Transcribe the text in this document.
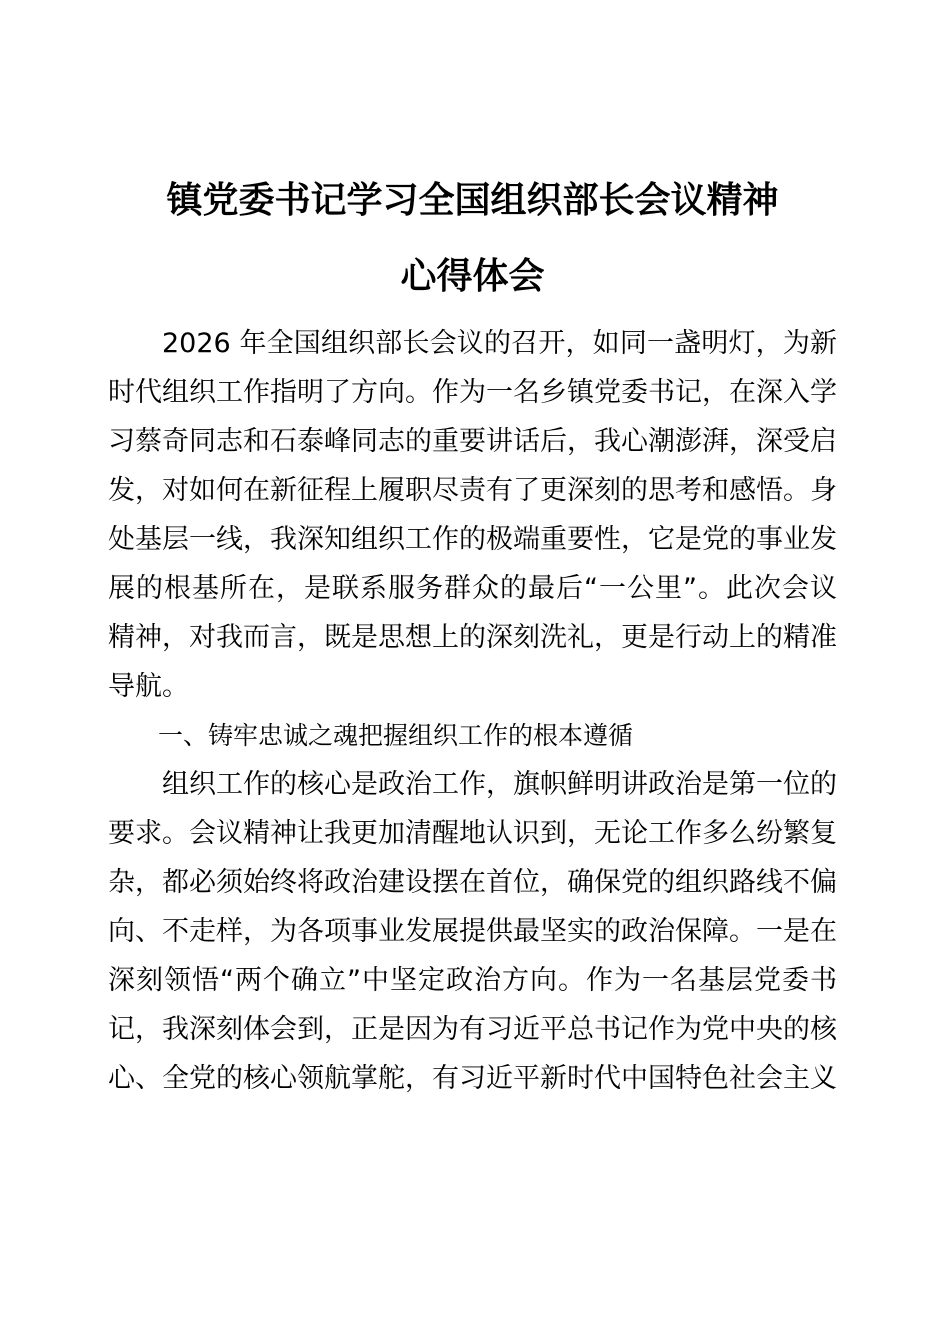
镇党委书记学习全国组织部长会议精神
心得体会

2026 年全国组织部长会议的召开，如同一盏明灯，为新时代组织工作指明了方向。作为一名乡镇党委书记，在深入学习蔡奇同志和石泰峰同志的重要讲话后，我心潮澎湃，深受启发，对如何在新征程上履职尽责有了更深刻的思考和感悟。身处基层一线，我深知组织工作的极端重要性，它是党的事业发展的根基所在，是联系服务群众的最后“一公里”。此次会议精神，对我而言，既是思想上的深刻洗礼，更是行动上的精准导航。

一、铸牢忠诚之魂把握组织工作的根本遵循

组织工作的核心是政治工作，旗帜鲜明讲政治是第一位的要求。会议精神让我更加清醒地认识到，无论工作多么纷繁复杂，都必须始终将政治建设摆在首位，确保党的组织路线不偏向、不走样，为各项事业发展提供最坚实的政治保障。一是在深刻领悟“两个确立”中坚定政治方向。作为一名基层党委书记，我深刻体会到，正是因为有习近平总书记作为党中央的核心、全党的核心领航掌舵，有习近平新时代中国特色社会主义
